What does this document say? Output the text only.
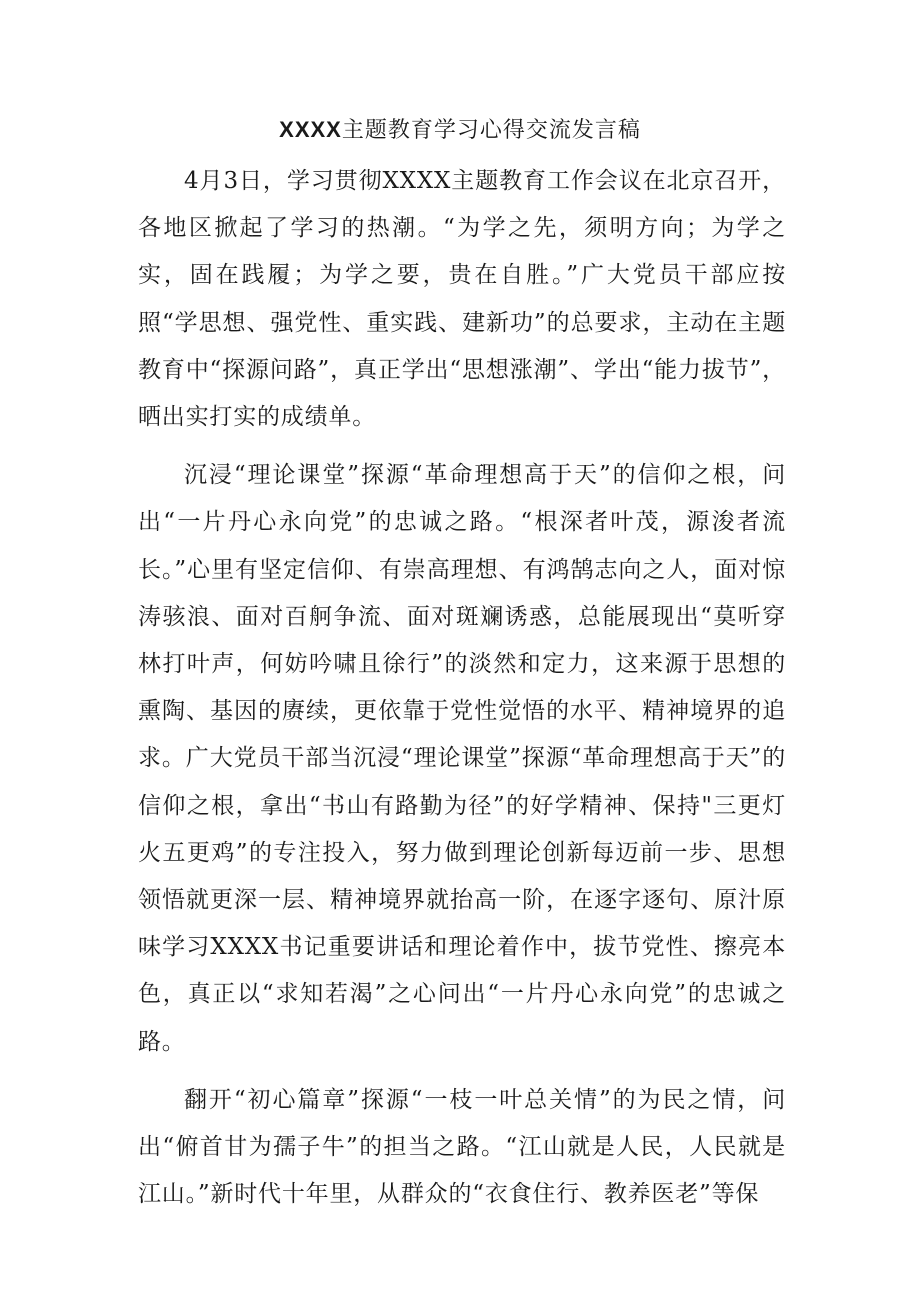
XXXX主题教育学习心得交流发言稿

4月3日，学习贯彻XXXX主题教育工作会议在北京召开，各地区掀起了学习的热潮。“为学之先，须明方向；为学之实，固在践履；为学之要，贵在自胜。”广大党员干部应按照“学思想、强党性、重实践、建新功”的总要求，主动在主题教育中“探源问路”，真正学出“思想涨潮”、学出“能力拔节”，晒出实打实的成绩单。

沉浸“理论课堂”探源“革命理想高于天”的信仰之根，问出“一片丹心永向党”的忠诚之路。“根深者叶茂，源浚者流长。”心里有坚定信仰、有崇高理想、有鸿鹄志向之人，面对惊涛骇浪、面对百舸争流、面对斑斓诱惑，总能展现出“莫听穿林打叶声，何妨吟啸且徐行”的淡然和定力，这来源于思想的熏陶、基因的赓续，更依靠于党性觉悟的水平、精神境界的追求。广大党员干部当沉浸“理论课堂”探源“革命理想高于天”的信仰之根，拿出“书山有路勤为径”的好学精神、保持"三更灯火五更鸡”的专注投入，努力做到理论创新每迈前一步、思想领悟就更深一层、精神境界就抬高一阶，在逐字逐句、原汁原味学习XXXX书记重要讲话和理论着作中，拔节党性、擦亮本色，真正以“求知若渴”之心问出“一片丹心永向党”的忠诚之路。

翻开“初心篇章”探源“一枝一叶总关情”的为民之情，问出“俯首甘为孺子牛”的担当之路。“江山就是人民，人民就是江山。”新时代十年里，从群众的“衣食住行、教养医老”等保
